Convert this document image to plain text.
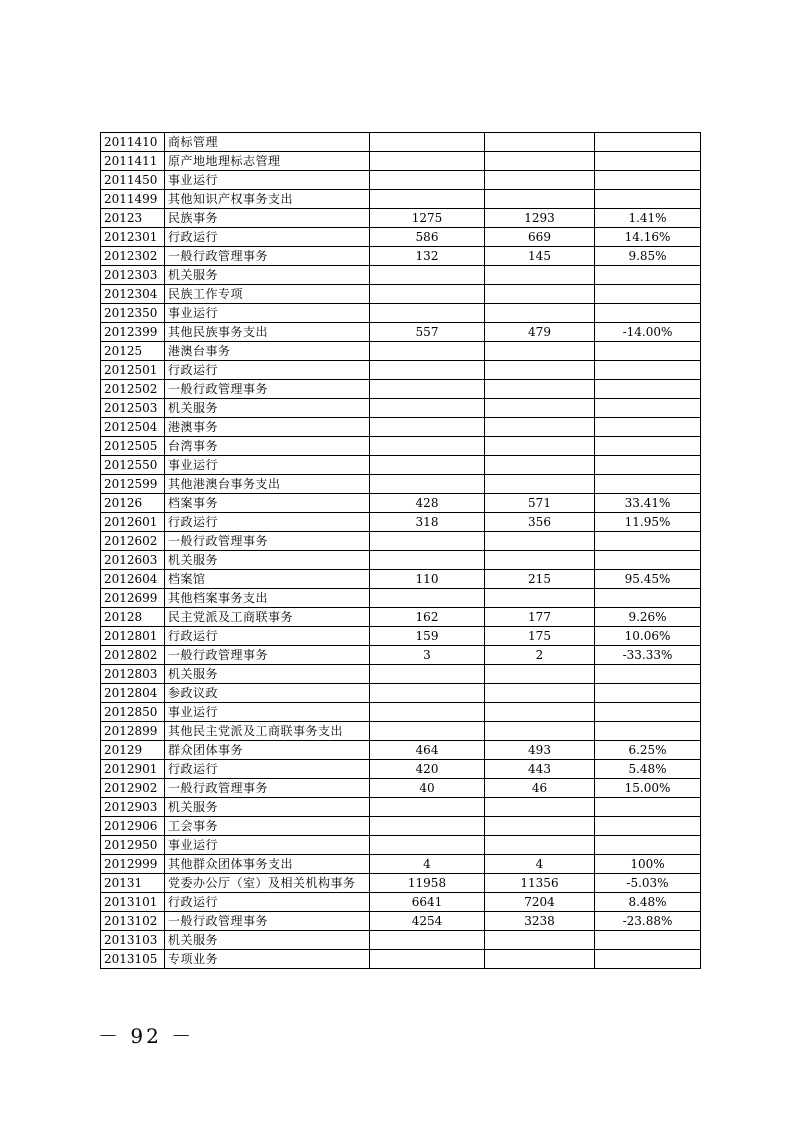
2011410	商标管理			
2011411	原产地地理标志管理			
2011450	事业运行			
2011499	其他知识产权事务支出			
20123	民族事务	1275	1293	1.41%
2012301	行政运行	586	669	14.16%
2012302	一般行政管理事务	132	145	9.85%
2012303	机关服务			
2012304	民族工作专项			
2012350	事业运行			
2012399	其他民族事务支出	557	479	-14.00%
20125	港澳台事务			
2012501	行政运行			
2012502	一般行政管理事务			
2012503	机关服务			
2012504	港澳事务			
2012505	台湾事务			
2012550	事业运行			
2012599	其他港澳台事务支出			
20126	档案事务	428	571	33.41%
2012601	行政运行	318	356	11.95%
2012602	一般行政管理事务			
2012603	机关服务			
2012604	档案馆	110	215	95.45%
2012699	其他档案事务支出			
20128	民主党派及工商联事务	162	177	9.26%
2012801	行政运行	159	175	10.06%
2012802	一般行政管理事务	3	2	-33.33%
2012803	机关服务			
2012804	参政议政			
2012850	事业运行			
2012899	其他民主党派及工商联事务支出			
20129	群众团体事务	464	493	6.25%
2012901	行政运行	420	443	5.48%
2012902	一般行政管理事务	40	46	15.00%
2012903	机关服务			
2012906	工会事务			
2012950	事业运行			
2012999	其他群众团体事务支出	4	4	100%
20131	党委办公厅（室）及相关机构事务	11958	11356	-5.03%
2013101	行政运行	6641	7204	8.48%
2013102	一般行政管理事务	4254	3238	-23.88%
2013103	机关服务			
2013105	专项业务			
－ 92 －
